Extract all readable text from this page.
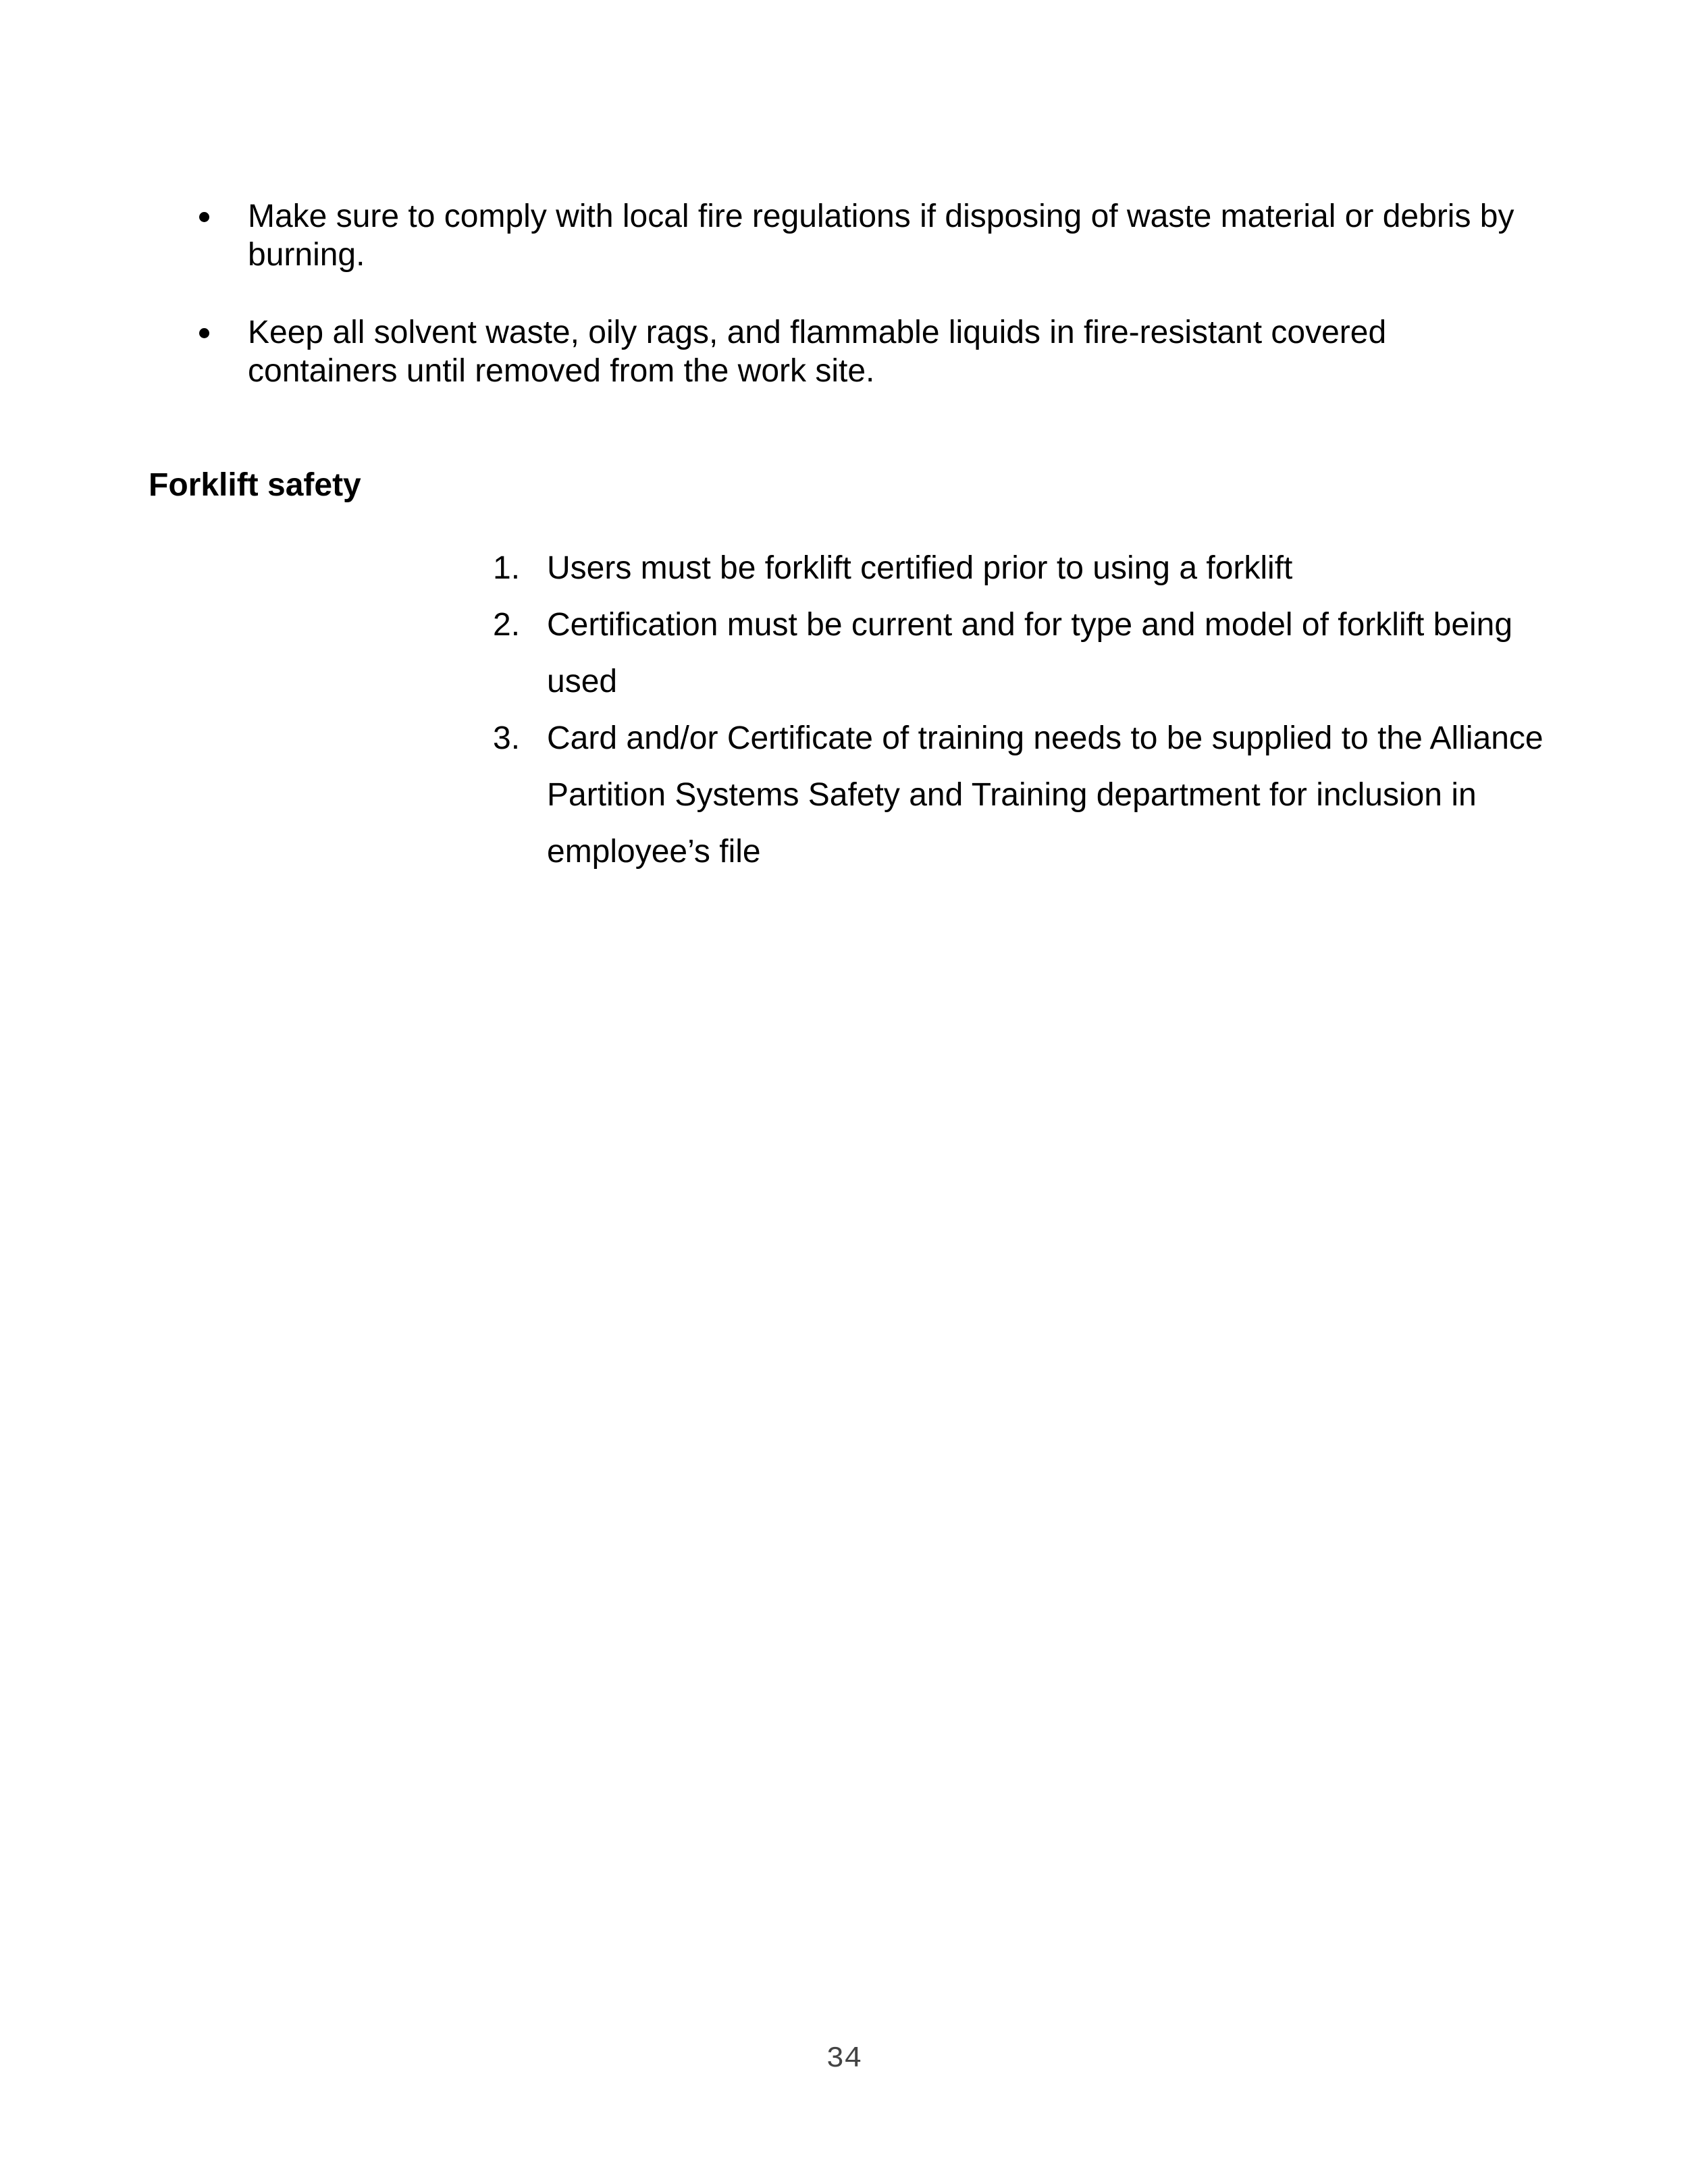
Make sure to comply with local fire regulations if disposing of waste material or debris by burning.
Keep all solvent waste, oily rags, and flammable liquids in fire-resistant covered containers until removed from the work site.
Forklift safety
1. Users must be forklift certified prior to using a forklift
2. Certification must be current and for type and model of forklift being used
3. Card and/or Certificate of training needs to be supplied to the Alliance Partition Systems Safety and Training department for inclusion in employee’s file
34
